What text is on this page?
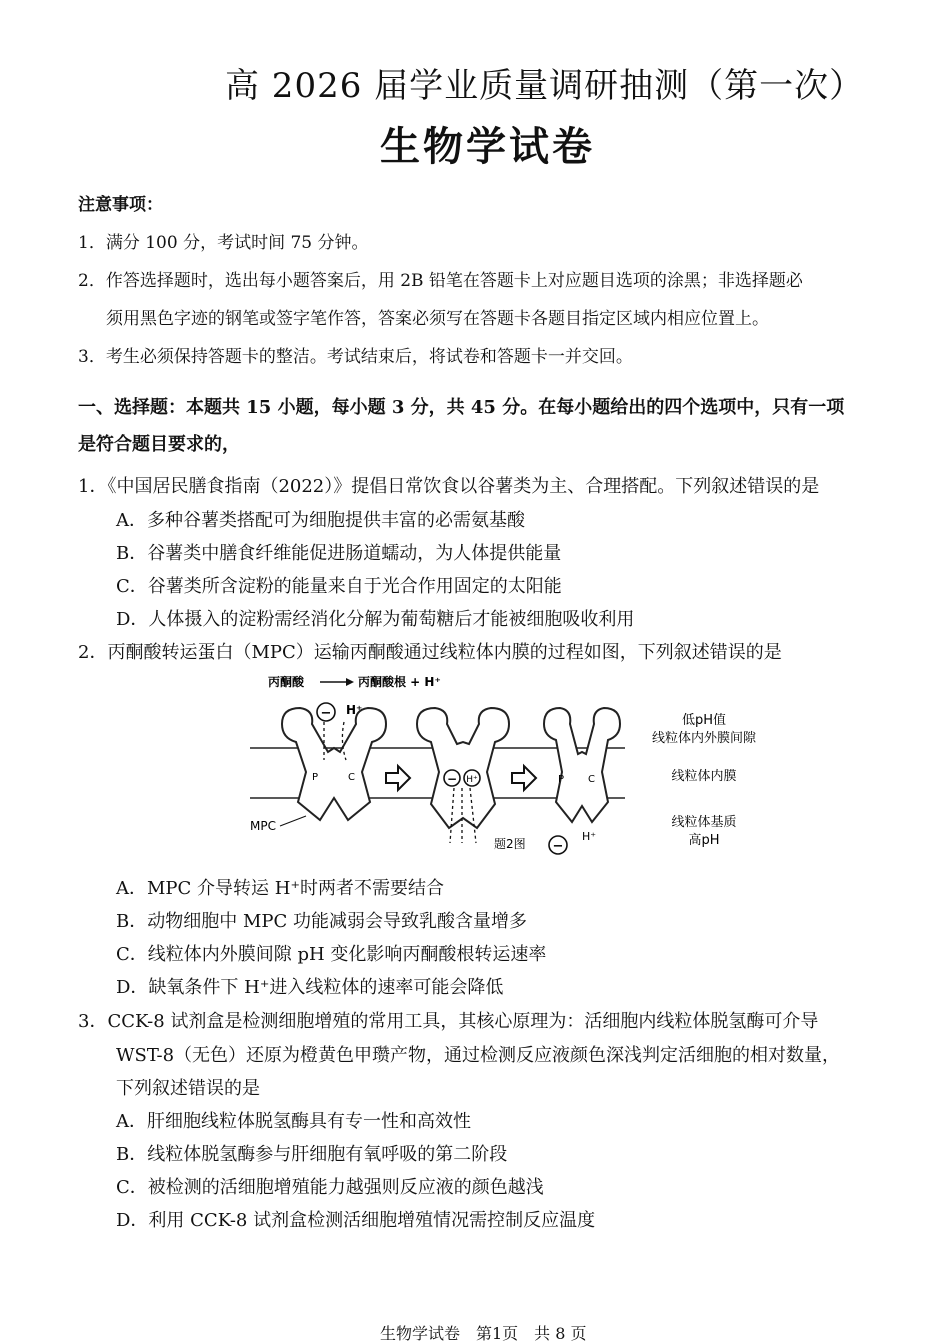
高 2026 届学业质量调研抽测（第一次）
生物学试卷
注意事项：
1．满分 100 分，考试时间 75 分钟。
2．作答选择题时，选出每小题答案后，用 2B 铅笔在答题卡上对应题目选项的涂黑；非选择题必
须用黑色字迹的钢笔或签字笔作答，答案必须写在答题卡各题目指定区域内相应位置上。
3．考生必须保持答题卡的整洁。考试结束后，将试卷和答题卡一并交回。
一、选择题：本题共 15 小题，每小题 3 分，共 45 分。在每小题给出的四个选项中，只有一项
是符合题目要求的，
1．《中国居民膳食指南（2022）》提倡日常饮食以谷薯类为主、合理搭配。下列叙述错误的是
A．多种谷薯类搭配可为细胞提供丰富的必需氨基酸
B．谷薯类中膳食纤维能促进肠道蠕动，为人体提供能量
C．谷薯类所含淀粉的能量来自于光合作用固定的太阳能
D．人体摄入的淀粉需经消化分解为葡萄糖后才能被细胞吸收利用
2．丙酮酸转运蛋白（MPC）运输丙酮酸通过线粒体内膜的过程如图，下列叙述错误的是
丙酮酸	丙酮酸根 + H⁺
− H⁺
P	C	− H⁺	P C
低pH值
线粒体内外膜间隙
线粒体内膜
线粒体基质
高pH
MPC
题2图 −
H⁺
A．MPC 介导转运 H⁺时两者不需要结合
B．动物细胞中 MPC 功能减弱会导致乳酸含量增多
C．线粒体内外膜间隙 pH 变化影响丙酮酸根转运速率
D．缺氧条件下 H⁺进入线粒体的速率可能会降低
3．CCK-8 试剂盒是检测细胞增殖的常用工具，其核心原理为：活细胞内线粒体脱氢酶可介导
WST-8（无色）还原为橙黄色甲瓒产物，通过检测反应液颜色深浅判定活细胞的相对数量，
下列叙述错误的是
A．肝细胞线粒体脱氢酶具有专一性和高效性
B．线粒体脱氢酶参与肝细胞有氧呼吸的第二阶段
C．被检测的活细胞增殖能力越强则反应液的颜色越浅
D．利用 CCK-8 试剂盒检测活细胞增殖情况需控制反应温度
生物学试卷　第1页　共 8 页
